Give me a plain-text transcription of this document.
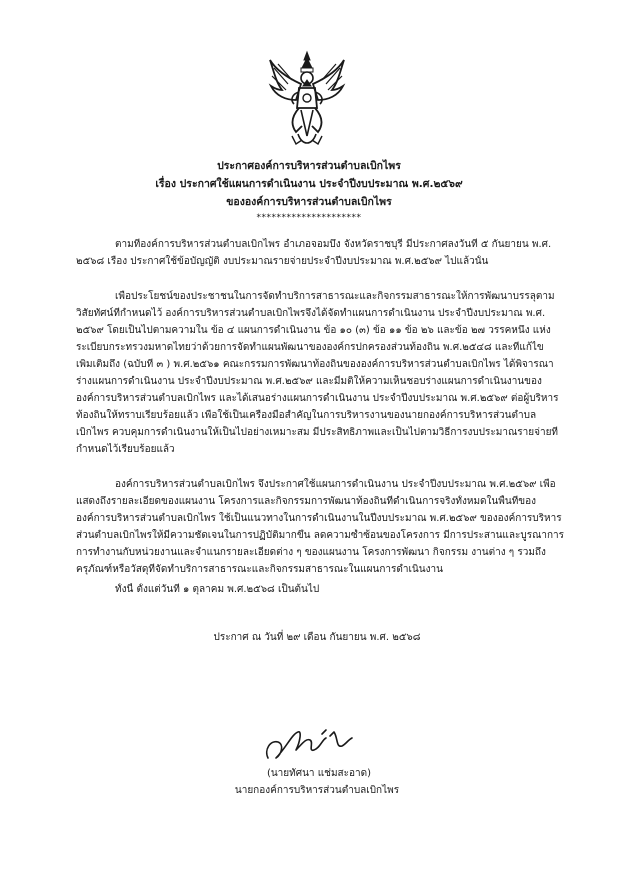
ประกาศองค์การบริหารส่วนตำบลเบิกไพร
เรื่อง ประกาศใช้แผนการดำเนินงาน ประจำปีงบประมาณ พ.ศ.๒๕๖๙
ขององค์การบริหารส่วนตำบลเบิกไพร
*********************
ตามที่องค์การบริหารส่วนตำบลเบิกไพร อำเภอจอมบึง จังหวัดราชบุรี มีประกาศลงวันที่ ๕ กันยายน พ.ศ.
๒๕๖๘ เรื่อง ประกาศใช้ข้อบัญญัติ งบประมาณรายจ่ายประจำปีงบประมาณ พ.ศ.๒๕๖๙ ไปแล้วนั้น
เพื่อประโยชน์ของประชาชนในการจัดทำบริการสาธารณะและกิจกรรมสาธารณะให้การพัฒนาบรรลุตาม
วิสัยทัศน์ที่กำหนดไว้ องค์การบริหารส่วนตำบลเบิกไพรจึงได้จัดทำแผนการดำเนินงาน ประจำปีงบประมาณ พ.ศ.
๒๕๖๙ โดยเป็นไปตามความใน ข้อ ๔ แผนการดำเนินงาน ข้อ ๑๐ (๓) ข้อ ๑๑ ข้อ ๒๖ และข้อ ๒๗ วรรคหนึ่ง แห่ง
ระเบียบกระทรวงมหาดไทยว่าด้วยการจัดทำแผนพัฒนาขององค์กรปกครองส่วนท้องถิ่น พ.ศ.๒๕๔๘ และที่แก้ไข
เพิ่มเติมถึง (ฉบับที่ ๓ ) พ.ศ.๒๕๖๑ คณะกรรมการพัฒนาท้องถิ่นขององค์การบริหารส่วนตำบลเบิกไพร ได้พิจารณา
ร่างแผนการดำเนินงาน ประจำปีงบประมาณ พ.ศ.๒๕๖๙ และมีมติให้ความเห็นชอบร่างแผนการดำเนินงานของ
องค์การบริหารส่วนตำบลเบิกไพร และได้เสนอร่างแผนการดำเนินงาน ประจำปีงบประมาณ พ.ศ.๒๕๖๙ ต่อผู้บริหาร
ท้องถิ่นให้ทราบเรียบร้อยแล้ว เพื่อใช้เป็นเครื่องมือสำคัญในการบริหารงานของนายกองค์การบริหารส่วนตำบล
เบิกไพร ควบคุมการดำเนินงานให้เป็นไปอย่างเหมาะสม มีประสิทธิภาพและเป็นไปตามวิธีการงบประมาณรายจ่ายที่
กำหนดไว้เรียบร้อยแล้ว
องค์การบริหารส่วนตำบลเบิกไพร จึงประกาศใช้แผนการดำเนินงาน ประจำปีงบประมาณ พ.ศ.๒๕๖๙ เพื่อ
แสดงถึงรายละเอียดของแผนงาน โครงการและกิจกรรมการพัฒนาท้องถิ่นที่ดำเนินการจริงทั้งหมดในพื้นที่ของ
องค์การบริหารส่วนตำบลเบิกไพร ใช้เป็นแนวทางในการดำเนินงานในปีงบประมาณ พ.ศ.๒๕๖๙ ขององค์การบริหาร
ส่วนตำบลเบิกไพรให้มีความชัดเจนในการปฏิบัติมากขึ้น ลดความซ้ำซ้อนของโครงการ มีการประสานและบูรณาการ
การทำงานกับหน่วยงานและจำแนกรายละเอียดต่าง ๆ ของแผนงาน โครงการพัฒนา กิจกรรม งานต่าง ๆ รวมถึง
ครุภัณฑ์หรือวัสดุที่จัดทำบริการสาธารณะและกิจกรรมสาธารณะในแผนการดำเนินงาน
ทั้งนี้ ตั้งแต่วันที่ ๑ ตุลาคม พ.ศ.๒๕๖๘ เป็นต้นไป
ประกาศ ณ วันที่ ๒๙ เดือน กันยายน พ.ศ. ๒๕๖๘
(นายทัศนา แช่มสะอาด)
นายกองค์การบริหารส่วนตำบลเบิกไพร
